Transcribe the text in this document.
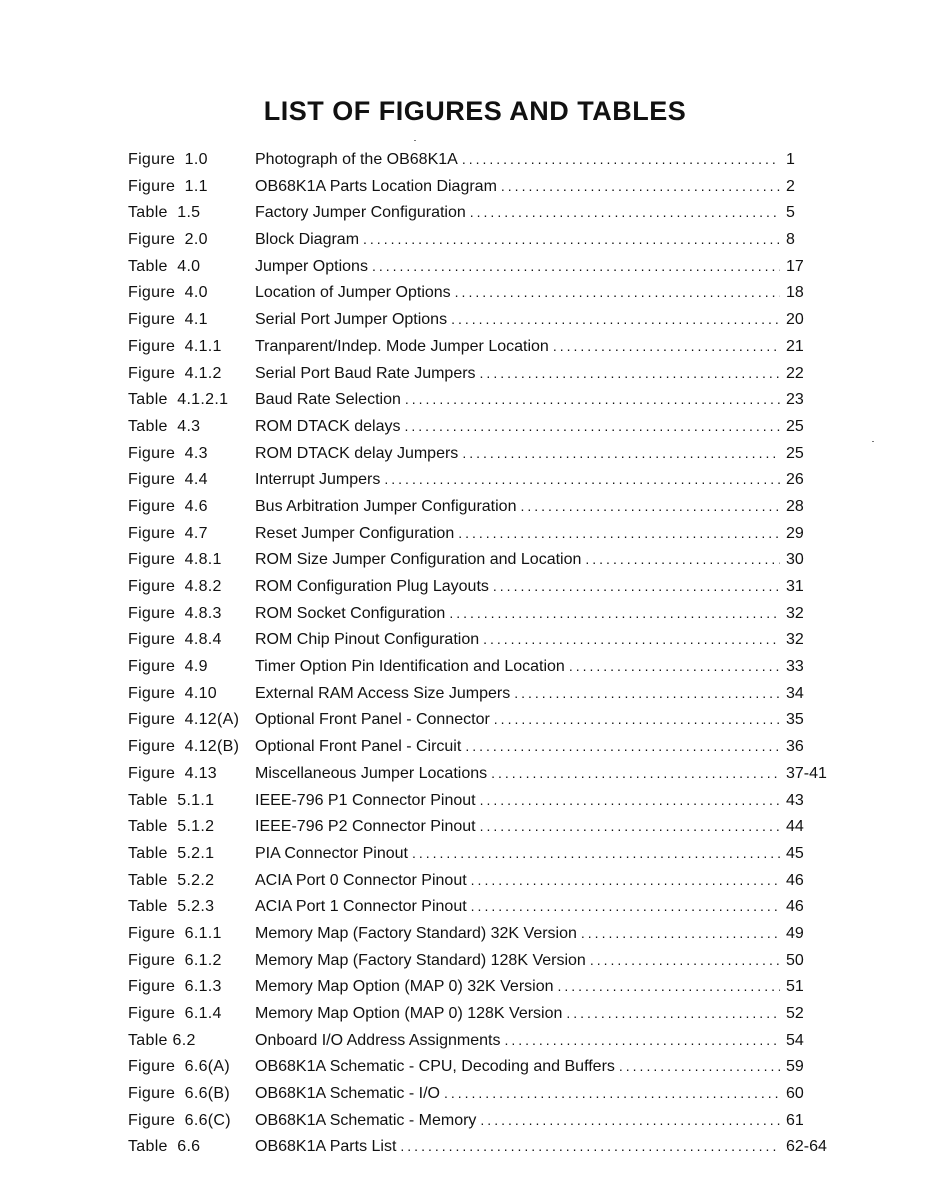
LIST OF FIGURES AND TABLES
Figure  1.0	Photograph of the OB68K1A .....	1
Figure  1.1	OB68K1A Parts Location Diagram .....	2
Table  1.5	Factory Jumper Configuration .....	5
Figure  2.0	Block Diagram .....	8
Table  4.0	Jumper Options .....	17
Figure  4.0	Location of Jumper Options .....	18
Figure  4.1	Serial Port Jumper Options .....	20
Figure  4.1.1	Tranparent/Indep. Mode Jumper Location .....	21
Figure  4.1.2	Serial Port Baud Rate Jumpers .....	22
Table  4.1.2.1	Baud Rate Selection .....	23
Table  4.3	ROM DTACK delays .....	25
Figure  4.3	ROM DTACK delay Jumpers .....	25
Figure  4.4	Interrupt Jumpers .....	26
Figure  4.6	Bus Arbitration Jumper Configuration .....	28
Figure  4.7	Reset Jumper Configuration .....	29
Figure  4.8.1	ROM Size Jumper Configuration and Location .....	30
Figure  4.8.2	ROM Configuration Plug Layouts .....	31
Figure  4.8.3	ROM Socket Configuration .....	32
Figure  4.8.4	ROM Chip Pinout Configuration .....	32
Figure  4.9	Timer Option Pin Identification and Location .....	33
Figure  4.10	External RAM Access Size Jumpers .....	34
Figure  4.12(A) Optional Front Panel - Connector .....	35
Figure  4.12(B) Optional Front Panel - Circuit .....	36
Figure  4.13	Miscellaneous Jumper Locations .....	37-41
Table  5.1.1	IEEE-796 P1 Connector Pinout .....	43
Table  5.1.2	IEEE-796 P2 Connector Pinout .....	44
Table  5.2.1	PIA Connector Pinout .....	45
Table  5.2.2	ACIA Port 0 Connector Pinout .....	46
Table  5.2.3	ACIA Port 1 Connector Pinout .....	46
Figure  6.1.1	Memory Map (Factory Standard) 32K Version .....	49
Figure  6.1.2	Memory Map (Factory Standard) 128K Version .....	50
Figure  6.1.3	Memory Map Option (MAP 0) 32K Version .....	51
Figure  6.1.4	Memory Map Option (MAP 0) 128K Version .....	52
Table 6.2	Onboard I/O Address Assignments .....	54
Figure  6.6(A)	OB68K1A Schematic - CPU, Decoding and Buffers .....	59
Figure  6.6(B)	OB68K1A Schematic - I/O .....	60
Figure  6.6(C)	OB68K1A Schematic - Memory .....	61
Table  6.6	OB68K1A Parts List .....	62-64
